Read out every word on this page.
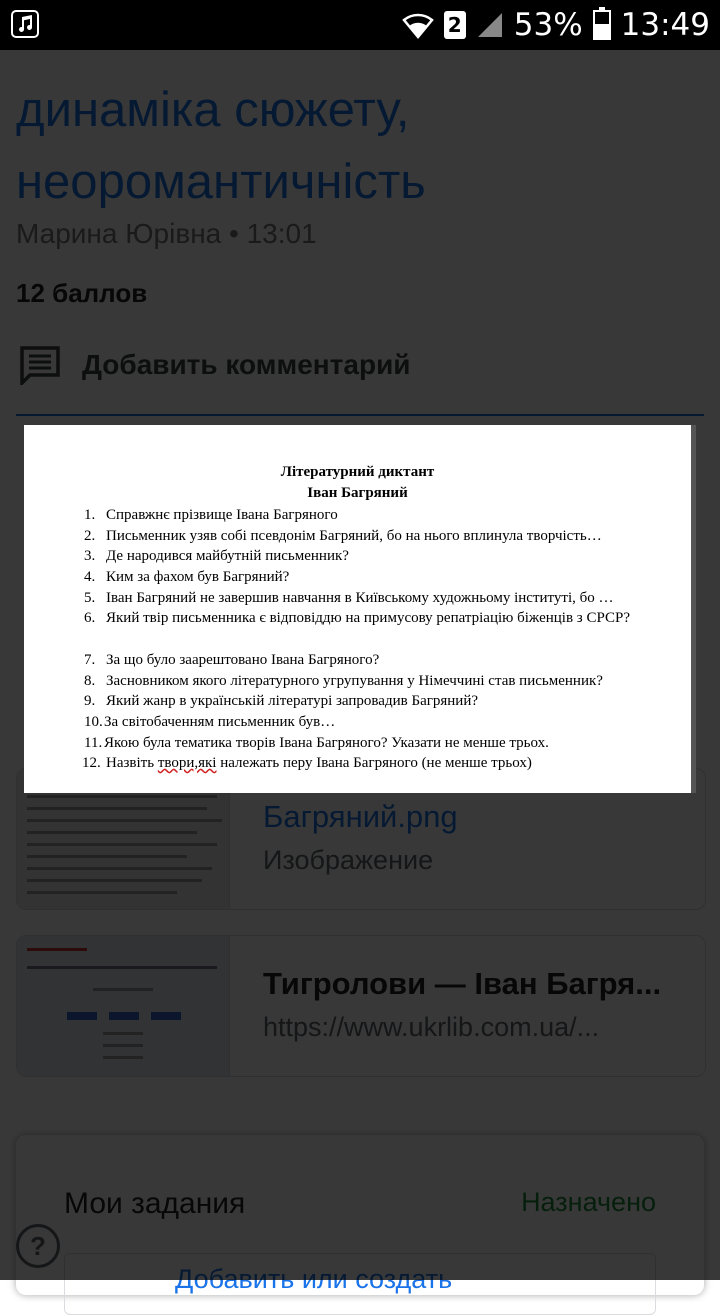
2 53% 13:49
Літературний диктант
Іван Багряний
1. Справжнє прізвище Івана Багряного
2. Письменник узяв собі псевдонім Багряний, бо на нього вплинула творчість…
3. Де народився майбутній письменник?
4. Ким за фахом був Багряний?
5. Іван Багряний не завершив навчання в Київському художньому інституті, бо …
6. Який твір письменника є відповіддю на примусову репатріацію біженців з СРСР?
7. За що було заарештовано Івана Багряного?
8. Засновником якого літературного угрупування у Німеччині став письменник?
9. Який жанр в українській літературі запровадив Багряний?
10. За світобаченням письменник був…
11. Якою була тематика творів Івана Багряного? Указати не менше трьох.
12. Назвіть твори,які належать перу Івана Багряного (не менше трьох)
